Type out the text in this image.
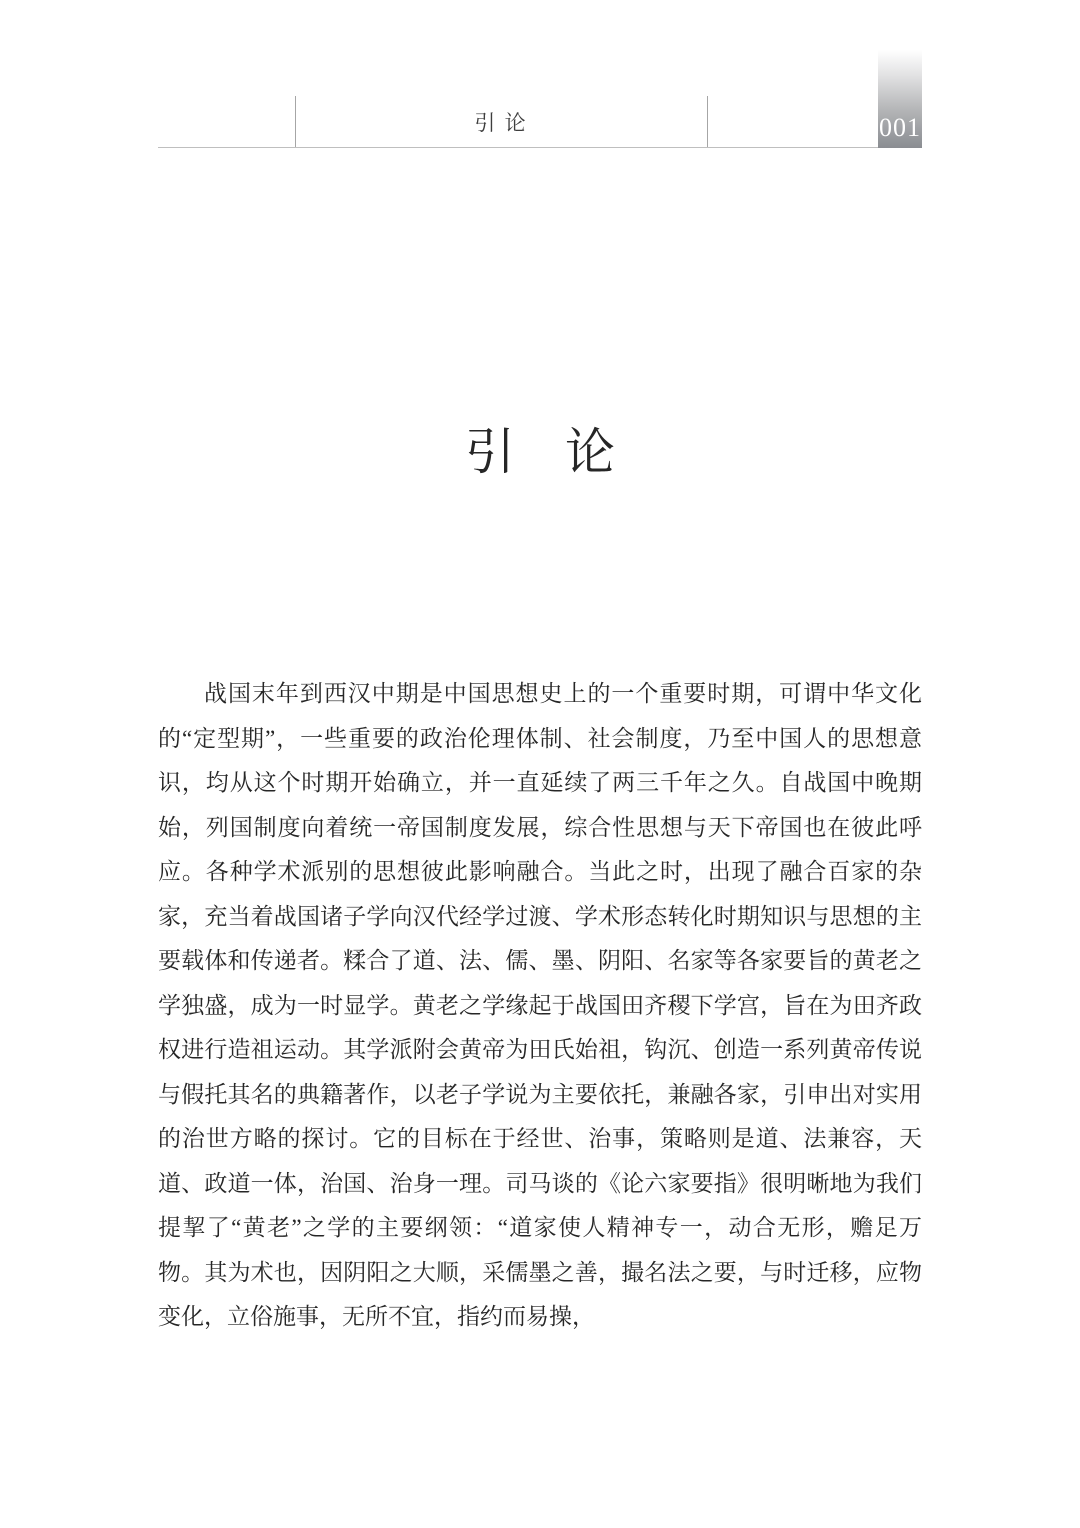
引 论	001
引　论

战国末年到西汉中期是中国思想史上的一个重要时期，可谓中华文化的“定型期”，一些重要的政治伦理体制、社会制度，乃至中国人的思想意识，均从这个时期开始确立，并一直延续了两三千年之久。自战国中晚期始，列国制度向着统一帝国制度发展，综合性思想与天下帝国也在彼此呼应。各种学术派别的思想彼此影响融合。当此之时，出现了融合百家的杂家，充当着战国诸子学向汉代经学过渡、学术形态转化时期知识与思想的主要载体和传递者。糅合了道、法、儒、墨、阴阳、名家等各家要旨的黄老之学独盛，成为一时显学。黄老之学缘起于战国田齐稷下学宫，旨在为田齐政权进行造祖运动。其学派附会黄帝为田氏始祖，钩沉、创造一系列黄帝传说与假托其名的典籍著作，以老子学说为主要依托，兼融各家，引申出对实用的治世方略的探讨。它的目标在于经世、治事，策略则是道、法兼容，天道、政道一体，治国、治身一理。司马谈的《论六家要指》很明晰地为我们提挈了“黄老”之学的主要纲领：“道家使人精神专一，动合无形，赡足万物。其为术也，因阴阳之大顺，采儒墨之善，撮名法之要，与时迁移，应物变化，立俗施事，无所不宜，指约而易操，
